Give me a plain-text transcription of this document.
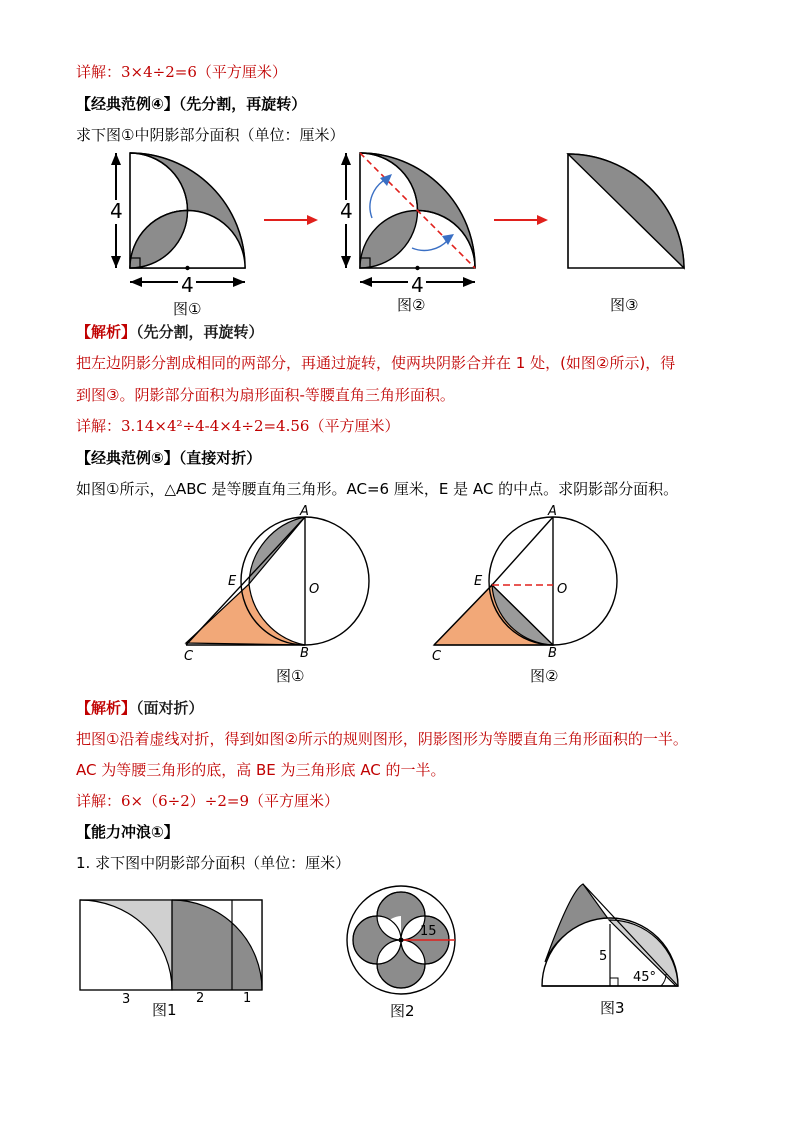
详解：3×4÷2=6（平方厘米）
【经典范例④】（先分割，再旋转）
求下图①中阴影部分面积（单位：厘米）
4
4
图①
4
4
图②	图③
【解析】（先分割，再旋转）
把左边阴影分割成相同的两部分，再通过旋转，使两块阴影合并在 1 处，(如图②所示)，得
到图③。阴影部分面积为扇形面积-等腰直角三角形面积。
详解：3.14×4²÷4-4×4÷2=4.56（平方厘米）
【经典范例⑤】（直接对折）
如图①所示，△ABC 是等腰直角三角形。AC=6 厘米，E 是 AC 的中点。求阴影部分面积。
A
B
C
E
O
图①
A
B
C
E
O
图②
【解析】（面对折）
把图①沿着虚线对折，得到如图②所示的规则图形，阴影图形为等腰直角三角形面积的一半。
AC 为等腰三角形的底，高 BE 为三角形底 AC 的一半。
详解：6×（6÷2）÷2=9（平方厘米）
【能力冲浪①】
1. 求下图中阴影部分面积（单位：厘米）
3	2	1
图1
15
图2
5
45°
图3
